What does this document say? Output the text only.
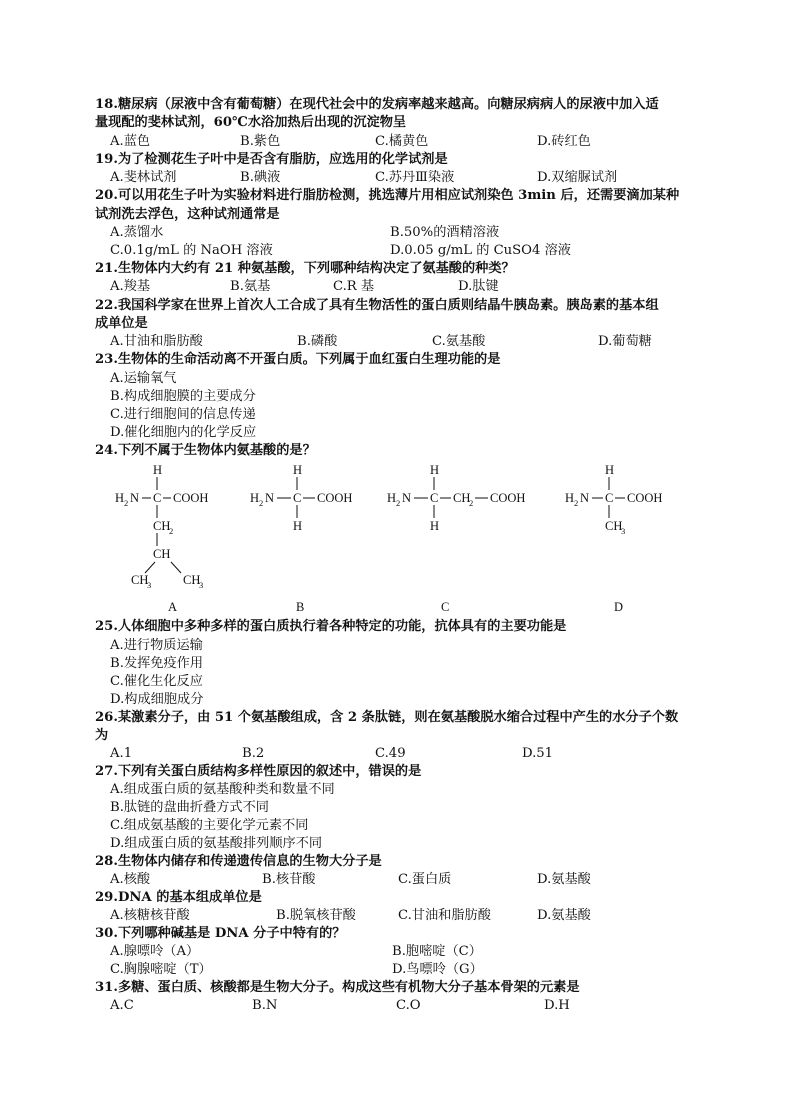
18.糖尿病（尿液中含有葡萄糖）在现代社会中的发病率越来越高。向糖尿病病人的尿液中加入适
量现配的斐林试剂，60℃水浴加热后出现的沉淀物呈
A.蓝色	B.紫色	C.橘黄色	D.砖红色
19.为了检测花生子叶中是否含有脂肪，应选用的化学试剂是
A.斐林试剂	B.碘液	C.苏丹Ⅲ染液	D.双缩脲试剂
20.可以用花生子叶为实验材料进行脂肪检测，挑选薄片用相应试剂染色 3min 后，还需要滴加某种
试剂洗去浮色，这种试剂通常是
A.蒸馏水	B.50%的酒精溶液
C.0.1g/mL 的 NaOH 溶液	D.0.05 g/mL 的 CuSO4 溶液
21.生物体内大约有 21 种氨基酸，下列哪种结构决定了氨基酸的种类？
A.羧基	B.氨基	C.R 基	D.肽键
22.我国科学家在世界上首次人工合成了具有生物活性的蛋白质则结晶牛胰岛素。胰岛素的基本组
成单位是
A.甘油和脂肪酸	B.磷酸	C.氨基酸	D.葡萄糖
23.生物体的生命活动离不开蛋白质。下列属于血红蛋白生理功能的是
A.运输氧气
B.构成细胞膜的主要成分
C.进行细胞间的信息传递
D.催化细胞内的化学反应
24.下列不属于生物体内氨基酸的是？
H
H 2 N C COOH
CH
2
CH
CH
3	CH
3
H
H 2 N C COOH
H
H
H 2 N C CH
2 COOH
H
H
H 2 N C COOH
CH
3
A	B	C	D
25.人体细胞中多种多样的蛋白质执行着各种特定的功能，抗体具有的主要功能是
A.进行物质运输
B.发挥免疫作用
C.催化生化反应
D.构成细胞成分
26.某激素分子，由 51 个氨基酸组成，含 2 条肽链，则在氨基酸脱水缩合过程中产生的水分子个数
为
A.1	B.2	C.49	D.51
27.下列有关蛋白质结构多样性原因的叙述中，错误的是
A.组成蛋白质的氨基酸种类和数量不同
B.肽链的盘曲折叠方式不同
C.组成氨基酸的主要化学元素不同
D.组成蛋白质的氨基酸排列顺序不同
28.生物体内储存和传递遗传信息的生物大分子是
A.核酸	B.核苷酸	C.蛋白质	D.氨基酸
29.DNA 的基本组成单位是
A.核糖核苷酸	B.脱氧核苷酸	C.甘油和脂肪酸	D.氨基酸
30.下列哪种碱基是 DNA 分子中特有的？
A.腺嘌呤（A）	B.胞嘧啶（C）
C.胸腺嘧啶（T）	D.鸟嘌呤（G）
31.多糖、蛋白质、核酸都是生物大分子。构成这些有机物大分子基本骨架的元素是
A.C	B.N	C.O	D.H
